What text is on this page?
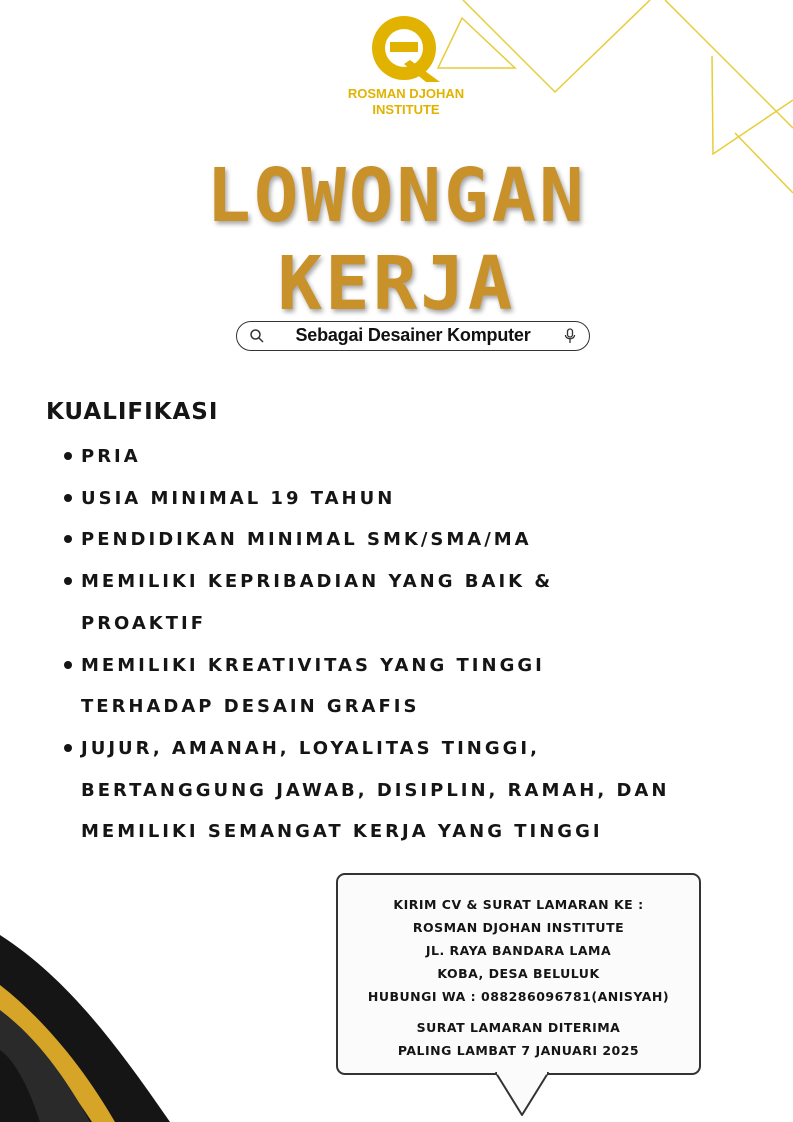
ROSMAN DJOHAN
INSTITUTE
LOWONGAN
KERJA
Sebagai Desainer Komputer
KUALIFIKASI
PRIA
USIA MINIMAL 19 TAHUN
PENDIDIKAN MINIMAL SMK/SMA/MA
MEMILIKI KEPRIBADIAN YANG BAIK &
PROAKTIF
MEMILIKI KREATIVITAS YANG TINGGI
TERHADAP DESAIN GRAFIS
JUJUR, AMANAH, LOYALITAS TINGGI,
BERTANGGUNG JAWAB, DISIPLIN, RAMAH, DAN
MEMILIKI SEMANGAT KERJA YANG TINGGI
KIRIM CV & SURAT LAMARAN KE :
ROSMAN DJOHAN INSTITUTE
JL. RAYA BANDARA LAMA
KOBA, DESA BELULUK
HUBUNGI WA : 088286096781(ANISYAH)
SURAT LAMARAN DITERIMA
PALING LAMBAT 7 JANUARI 2025
